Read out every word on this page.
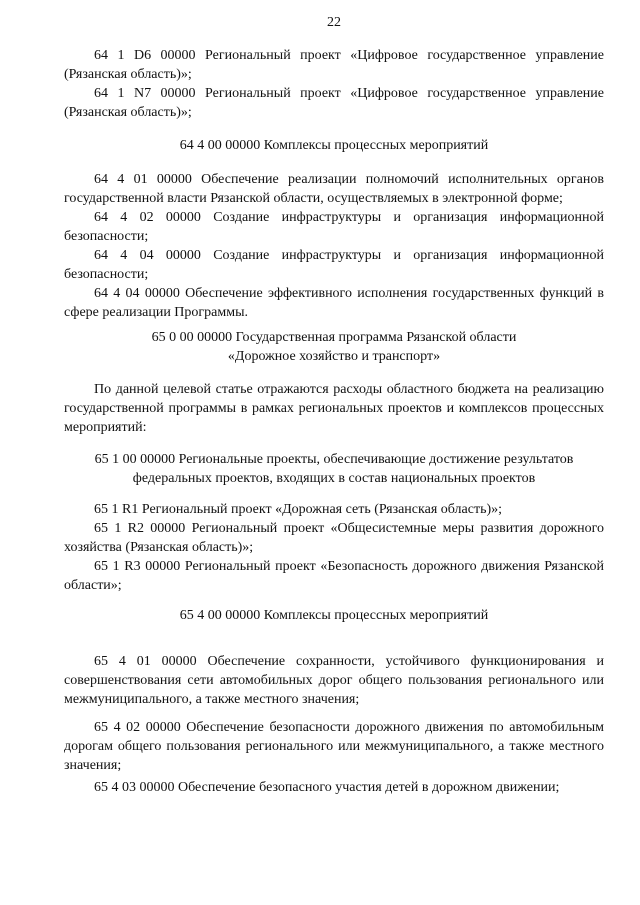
22

64 1 D6 00000 Региональный проект «Цифровое государственное управление (Рязанская область)»;

64 1 N7 00000 Региональный проект «Цифровое государственное управление (Рязанская область)»;

64 4 00 00000 Комплексы процессных мероприятий

64 4 01 00000 Обеспечение реализации полномочий исполнительных органов государственной власти Рязанской области, осуществляемых в электронной форме;

64 4 02 00000 Создание инфраструктуры и организация информационной безопасности;

64 4 04 00000 Создание инфраструктуры и организация информационной безопасности;

64 4 04 00000 Обеспечение эффективного исполнения государственных функций в сфере реализации Программы.

65 0 00 00000 Государственная программа Рязанской области

«Дорожное хозяйство и транспорт»

По данной целевой статье отражаются расходы областного бюджета на реализацию государственной программы в рамках региональных проектов и комплексов процессных мероприятий:

65 1 00 00000 Региональные проекты, обеспечивающие достижение результатов

федеральных проектов, входящих в состав национальных проектов

65 1 R1 Региональный проект «Дорожная сеть (Рязанская область)»;

65 1 R2 00000 Региональный проект «Общесистемные меры развития дорожного хозяйства (Рязанская область)»;

65 1 R3 00000 Региональный проект «Безопасность дорожного движения Рязанской области»;

65 4 00 00000 Комплексы процессных мероприятий

65 4 01 00000 Обеспечение сохранности, устойчивого функционирования и совершенствования сети автомобильных дорог общего пользования регионального или межмуниципального, а также местного значения;

65 4 02 00000 Обеспечение безопасности дорожного движения по автомобильным дорогам общего пользования регионального или межмуниципального, а также местного значения;

65 4 03 00000 Обеспечение безопасного участия детей в дорожном движении;
